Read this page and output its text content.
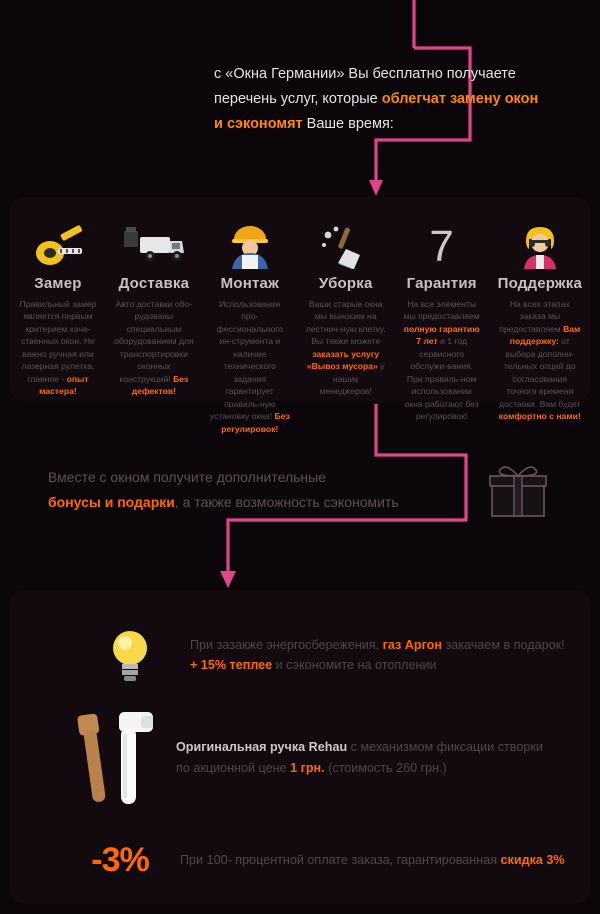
с «Окна Германии» Вы бесплатно получаете
перечень услуг, которые облегчат замену окон
и сэкономят Ваше время:
Замер
Правильный замер является первым критерием каче-ственных окон. Не важно ручная или лазерная рулетка, главное - опыт мастера!
Доставка
Авто доставки обо-рудованы специальным оборудованием для транспортировки оконных конструкций! Без дефектов!
Монтаж
Использование про-фессионального ин-струмента и наличие технического задания гарантирует правиль-ную установку окна! Без регулировок!
Уборка
Ваши старые окна мы выносим на лестнич-ную клетку. Вы также можете заказать услугу «Вывоз мусора» у наших менеджеров!
7
Гарантия
На все элементы мы предоставляем полную гарантию 7 лет и 1 год сервисного обслужи-вания. При правиль-ном использовании окна работают без регулировок!
Поддержка
На всех этапах заказа мы предоставляем Вам поддержку: от выбора дополни-тельных опций до согласования точного времени доставки. Вам будет комфортно с нами!
Вместе с окном получите дополнительные
бонусы и подарки, а также возможность сэкономить
При зазакже энергосбережения, газ Аргон закачаем в подарок!
+ 15% теплее и сэкономите на отоплении
Оригинальная ручка Rehau с механизмом фиксации створки
по акционной цене 1 грн. (стоимость 260 грн.)
-3%	При 100- процентной оплате заказа, гарантированная скидка 3%
